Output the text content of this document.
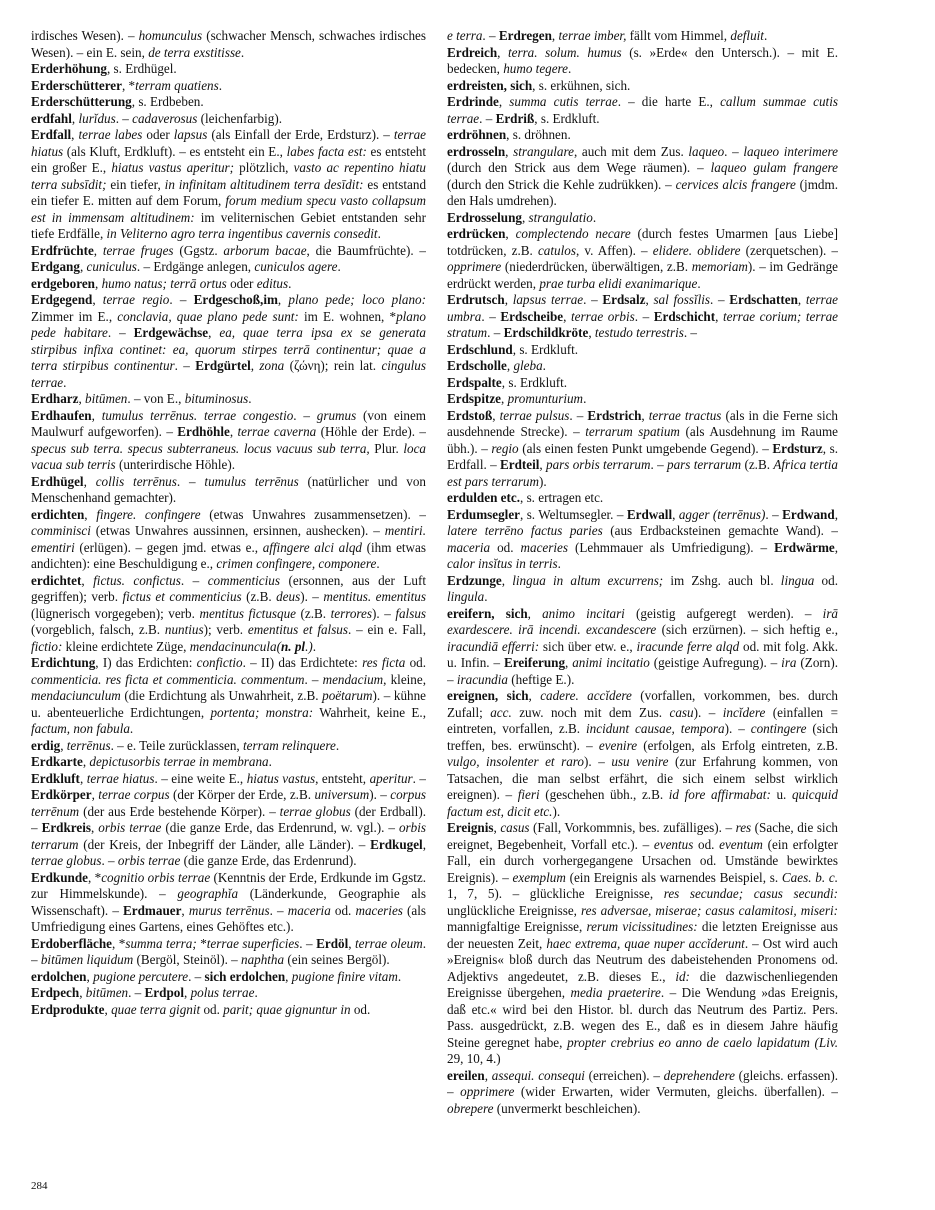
irdisches Wesen). – homunculus (schwacher Mensch, schwaches irdisches Wesen). – ein E. sein, de terra exstitisse.

Erderhöhung, s. Erdhügel.

Erderschütterer, *terram quatiens.

Erderschütterung, s. Erdbeben.

erdfahl, lurĭdus. – cadaverosus (leichenfarbig).

Erdfall, terrae labes oder lapsus (als Einfall der Erde, Erdsturz). – terrae hiatus (als Kluft, Erdkluft). – es entsteht ein E., labes facta est: es entsteht ein großer E., hiatus vastus aperitur; plötzlich, vasto ac repentino hiatu terra subsīdit; ein tiefer, in infinitam altitudinem terra desīdit: es entstand ein tiefer E. mitten auf dem Forum, forum medium specu vasto collapsum est in immensam altitudinem: im veliternischen Gebiet entstanden sehr tiefe Erdfälle, in Veliterno agro terra ingentibus cavernis consedit.

Erdfrüchte, terrae fruges (Ggstz. arborum bacae, die Baumfrüchte). – Erdgang, cuniculus. – Erdgänge anlegen, cuniculos agere.

erdgeboren, humo natus; terrā ortus oder editus.

Erdgegend, terrae regio. – Erdgeschoß,im, plano pede; loco plano: Zimmer im E., conclavia, quae plano pede sunt: im E. wohnen, *plano pede habitare. – Erdgewächse, ea, quae terra ipsa ex se generata stirpibus infixa continet: ea, quorum stirpes terrā continentur; quae a terra stirpibus continentur. – Erdgürtel, zona (ζώνη); rein lat. cingulus terrae.

Erdharz, bitūmen. – von E., bituminosus.

Erdhaufen, tumulus terrēnus. terrae congestio. – grumus (von einem Maulwurf aufgeworfen). – Erdhöhle, terrae caverna (Höhle der Erde). – specus sub terra. specus subterraneus. locus vacuus sub terra, Plur. loca vacua sub terris (unterirdische Höhle).

Erdhügel, collis terrēnus. – tumulus terrēnus (natürlicher und von Menschenhand gemachter).

erdichten, fingere. confingere (etwas Unwahres zusammensetzen). – comminisci (etwas Unwahres aussinnen, ersinnen, aushecken). – mentiri. ementiri (erlügen). – gegen jmd. etwas e., affingere alci alqd (ihm etwas andichten): eine Beschuldigung e., crimen confingere, componere.

erdichtet, fictus. confictus. – commenticius (ersonnen, aus der Luft gegriffen); verb. fictus et commenticius (z.B. deus). – mentitus. ementitus (lügnerisch vorgegeben); verb. mentitus fictusque (z.B. terrores). – falsus (vorgeblich, falsch, z.B. nuntius); verb. ementitus et falsus. – ein e. Fall, fictio: kleine erdichtete Züge, mendacinuncula(n. pl.).

Erdichtung, I) das Erdichten: confictio. – II) das Erdichtete: res ficta od. commenticia. res ficta et commenticia. commentum. – mendacium, kleine, mendaciunculum (die Erdichtung als Unwahrheit, z.B. poëtarum). – kühne u. abenteuerliche Erdichtungen, portenta; monstra: Wahrheit, keine E., factum, non fabula.

erdig, terrēnus. – e. Teile zurücklassen, terram relinquere.

Erdkarte, depictusorbis terrae in membrana.

Erdkluft, terrae hiatus. – eine weite E., hiatus vastus, entsteht, aperitur. – Erdkörper, terrae corpus (der Körper der Erde, z.B. universum). – corpus terrēnum (der aus Erde bestehende Körper). – terrae globus (der Erdball). – Erdkreis, orbis terrae (die ganze Erde, das Erdenrund, w. vgl.). – orbis terrarum (der Kreis, der Inbegriff der Länder, alle Länder). – Erdkugel, terrae globus. – orbis terrae (die ganze Erde, das Erdenrund).

Erdkunde, *cognitio orbis terrae (Kenntnis der Erde, Erdkunde im Ggstz. zur Himmelskunde). – geographĭa (Länderkunde, Geographie als Wissenschaft). – Erdmauer, murus terrēnus. – maceria od. maceries (als Umfriedigung eines Gartens, eines Gehöftes etc.).

Erdoberfläche, *summa terra; *terrae superficies. – Erdöl, terrae oleum. – bitūmen liquidum (Bergöl, Steinöl). – naphtha (ein seines Bergöl).

erdolchen, pugione percutere. – sich erdolchen, pugione finire vitam.

Erdpech, bitūmen. – Erdpol, polus terrae.

Erdprodukte, quae terra gignit od. parit; quae gignuntur in od.

e terra. – Erdregen, terrae imber, fällt vom Himmel, defluit.

Erdreich, terra. solum. humus (s. »Erde« den Untersch.). – mit E. bedecken, humo tegere.

erdreisten, sich, s. erkühnen, sich.

Erdrinde, summa cutis terrae. – die harte E., callum summae cutis terrae. – Erdriß, s. Erdkluft.

erdröhnen, s. dröhnen.

erdrosseln, strangulare, auch mit dem Zus. laqueo. – laqueo interimere (durch den Strick aus dem Wege räumen). – laqueo gulam frangere (durch den Strick die Kehle zudrükken). – cervices alcis frangere (jmdm. den Hals umdrehen).

Erdrosselung, strangulatio.

erdrücken, complectendo necare (durch festes Umarmen [aus Liebe] totdrücken, z.B. catulos, v. Affen). – elidere. oblidere (zerquetschen). – opprimere (niederdrücken, überwältigen, z.B. memoriam). – im Gedränge erdrückt werden, prae turba elidi exanimarique.

Erdrutsch, lapsus terrae. – Erdsalz, sal fossĭlis. – Erdschatten, terrae umbra. – Erdscheibe, terrae orbis. – Erdschicht, terrae corium; terrae stratum. – Erdschildkröte, testudo terrestris. –

Erdschlund, s. Erdkluft.

Erdscholle, gleba.

Erdspalte, s. Erdkluft.

Erdspitze, promunturium.

Erdstoß, terrae pulsus. – Erdstrich, terrae tractus (als in die Ferne sich ausdehnende Strecke). – terrarum spatium (als Ausdehnung im Raume übh.). – regio (als einen festen Punkt umgebende Gegend). – Erdsturz, s. Erdfall. – Erdteil, pars orbis terrarum. – pars terrarum (z.B. Africa tertia est pars terrarum).

erdulden etc., s. ertragen etc.

Erdumsegler, s. Weltumsegler. – Erdwall, agger (terrēnus). – Erdwand, latere terrēno factus paries (aus Erdbacksteinen gemachte Wand). – maceria od. maceries (Lehmmauer als Umfriedigung). – Erdwärme, calor insĭtus in terris.

Erdzunge, lingua in altum excurrens; im Zshg. auch bl. lingua od. lingula.

ereifern, sich, animo incitari (geistig aufgeregt werden). – irā exardescere. irā incendi. excandescere (sich erzürnen). – sich heftig e., iracundiā efferri: sich über etw. e., iracunde ferre alqd od. mit folg. Akk. u. Infin. – Ereiferung, animi incitatio (geistige Aufregung). – ira (Zorn). – iracundia (heftige E.).

ereignen, sich, cadere. accĭdere (vorfallen, vorkommen, bes. durch Zufall; acc. zuw. noch mit dem Zus. casu). – incĭdere (einfallen = eintreten, vorfallen, z.B. incidunt causae, tempora). – contingere (sich treffen, bes. erwünscht). – evenire (erfolgen, als Erfolg eintreten, z.B. vulgo, insolenter et raro). – usu venire (zur Erfahrung kommen, von Tatsachen, die man selbst erfährt, die sich einem selbst wirklich ereignen). – fieri (geschehen übh., z.B. id fore affirmabat: u. quicquid factum est, dicit etc.).

Ereignis, casus (Fall, Vorkommnis, bes. zufälliges). – res (Sache, die sich ereignet, Begebenheit, Vorfall etc.). – eventus od. eventum (ein erfolgter Fall, ein durch vorhergegangene Ursachen od. Umstände bewirktes Ereignis). – exemplum (ein Ereignis als warnendes Beispiel, s. Caes. b. c. 1, 7, 5). – glückliche Ereignisse, res secundae; casus secundi: unglückliche Ereignisse, res adversae, miserae; casus calamitosi, miseri: mannigfaltige Ereignisse, rerum vicissitudines: die letzten Ereignisse aus der neuesten Zeit, haec extrema, quae nuper accĭderunt. – Ost wird auch »Ereignis« bloß durch das Neutrum des dabeistehenden Pronomens od. Adjektivs angedeutet, z.B. dieses E., id: die dazwischenliegenden Ereignisse übergehen, media praeterire. – Die Wendung »das Ereignis, daß etc.« wird bei den Histor. bl. durch das Neutrum des Partiz. Pers. Pass. ausgedrückt, z.B. wegen des E., daß es in diesem Jahre häufig Steine geregnet habe, propter crebrius eo anno de caelo lapidatum (Liv. 29, 10, 4.)

ereilen, assequi. consequi (erreichen). – deprehendere (gleichs. erfassen). – opprimere (wider Erwarten, wider Vermuten, gleichs. überfallen). – obrepere (unvermerkt beschleichen).

284
